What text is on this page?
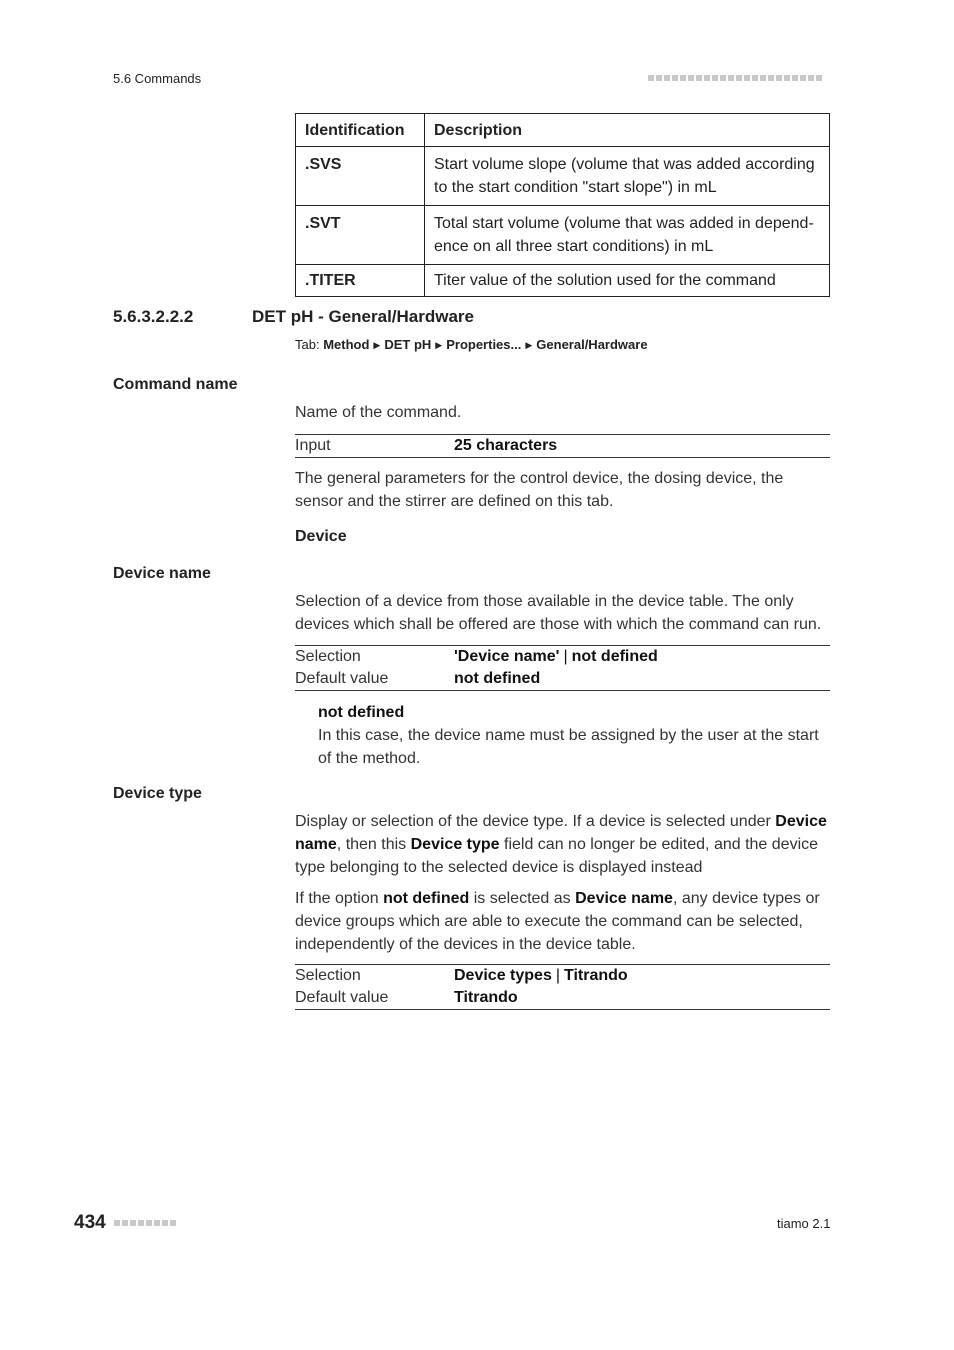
5.6 Commands
Identification	Description
.SVS	Start volume slope (volume that was added according to the start condition "start slope") in mL
.SVT	Total start volume (volume that was added in dependence on all three start conditions) in mL
.TITER	Titer value of the solution used for the command
5.6.3.2.2.2	DET pH - General/Hardware
Tab: Method ▶ DET pH ▶ Properties... ▶ General/Hardware
Command name
Name of the command.
Input	25 characters
The general parameters for the control device, the dosing device, the sensor and the stirrer are defined on this tab.
Device
Device name
Selection of a device from those available in the device table. The only devices which shall be offered are those with which the command can run.
Selection	'Device name' | not defined
Default value	not defined
not defined
In this case, the device name must be assigned by the user at the start of the method.
Device type
Display or selection of the device type. If a device is selected under Device name, then this Device type field can no longer be edited, and the device type belonging to the selected device is displayed instead
If the option not defined is selected as Device name, any device types or device groups which are able to execute the command can be selected, independently of the devices in the device table.
Selection	Device types | Titrando
Default value	Titrando
434	tiamo 2.1
